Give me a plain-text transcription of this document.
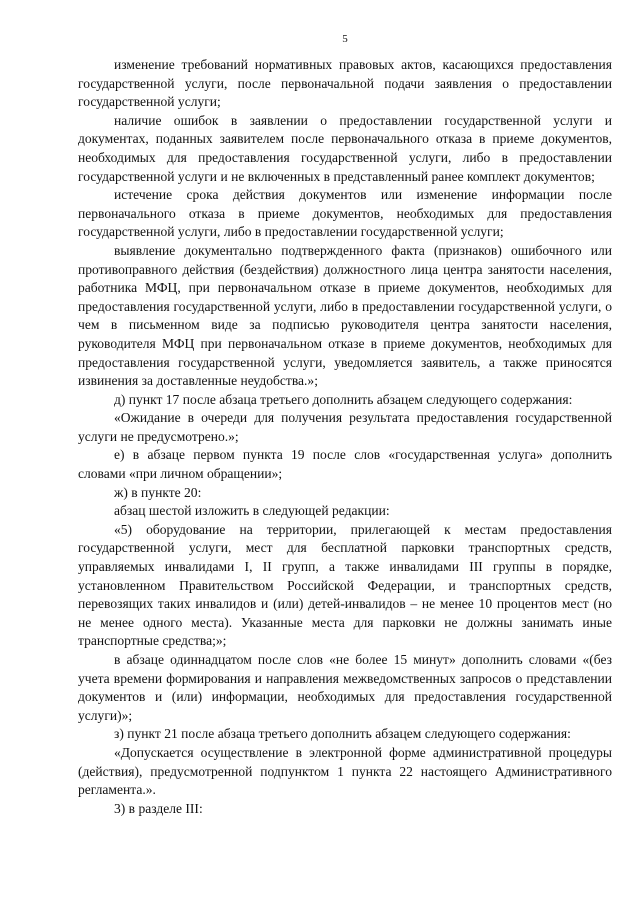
5

изменение требований нормативных правовых актов, касающихся предоставления государственной услуги, после первоначальной подачи заявления о предоставлении государственной услуги;

наличие ошибок в заявлении о предоставлении государственной услуги и документах, поданных заявителем после первоначального отказа в приеме документов, необходимых для предоставления государственной услуги, либо в предоставлении государственной услуги и не включенных в представленный ранее комплект документов;

истечение срока действия документов или изменение информации после первоначального отказа в приеме документов, необходимых для предоставления государственной услуги, либо в предоставлении государственной услуги;

выявление документально подтвержденного факта (признаков) ошибочного или противоправного действия (бездействия) должностного лица центра занятости населения, работника МФЦ, при первоначальном отказе в приеме документов, необходимых для предоставления государственной услуги, либо в предоставлении государственной услуги, о чем в письменном виде за подписью руководителя центра занятости населения, руководителя МФЦ при первоначальном отказе в приеме документов, необходимых для предоставления государственной услуги, уведомляется заявитель, а также приносятся извинения за доставленные неудобства.»;

д) пункт 17 после абзаца третьего дополнить абзацем следующего содержания:

«Ожидание в очереди для получения результата предоставления государственной услуги не предусмотрено.»;

е) в абзаце первом пункта 19 после слов «государственная услуга» дополнить словами «при личном обращении»;

ж) в пункте 20:

абзац шестой изложить в следующей редакции:

«5) оборудование на территории, прилегающей к местам предоставления государственной услуги, мест для бесплатной парковки транспортных средств, управляемых инвалидами I, II групп, а также инвалидами III группы в порядке, установленном Правительством Российской Федерации, и транспортных средств, перевозящих таких инвалидов и (или) детей-инвалидов – не менее 10 процентов мест (но не менее одного места). Указанные места для парковки не должны занимать иные транспортные средства;»;

в абзаце одиннадцатом после слов «не более 15 минут» дополнить словами «(без учета времени формирования и направления межведомственных запросов о представлении документов и (или) информации, необходимых для предоставления государственной услуги)»;

з) пункт 21 после абзаца третьего дополнить абзацем следующего содержания:

«Допускается осуществление в электронной форме административной процедуры (действия), предусмотренной подпунктом 1 пункта 22 настоящего Административного регламента.».

3) в разделе III:
